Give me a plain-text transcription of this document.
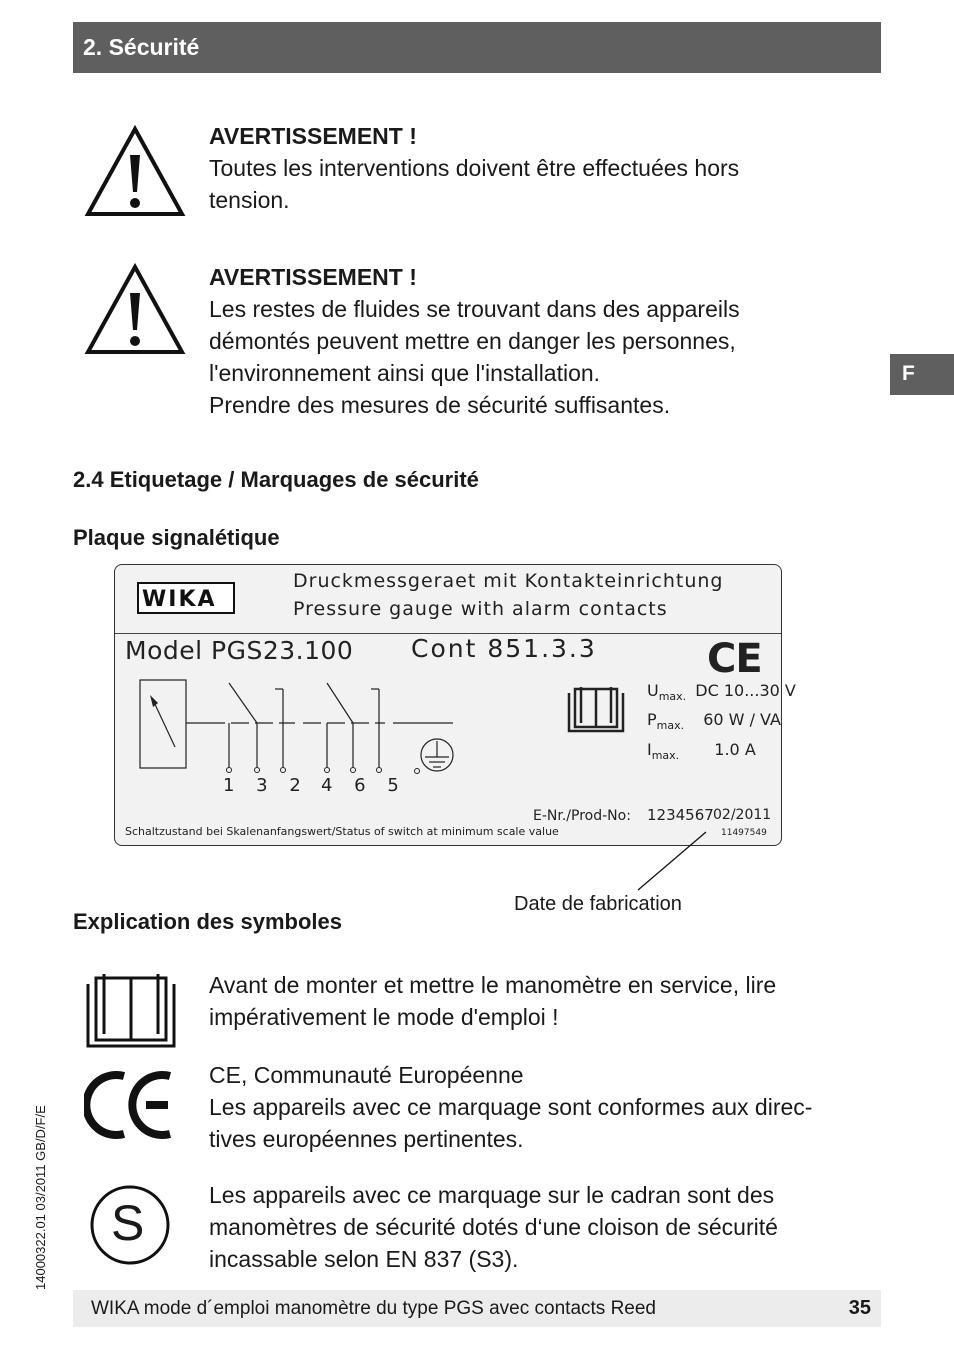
2. Sécurité
F
AVERTISSEMENT !
Toutes les interventions doivent être effectuées hors
tension.
AVERTISSEMENT !
Les restes de fluides se trouvant dans des appareils
démontés peuvent mettre en danger les personnes,
l'environnement ainsi que l'installation.
Prendre des mesures de sécurité suffisantes.
2.4 Etiquetage / Marquages de sécurité
Plaque signalétique
WIKA
Druckmessgeraet mit Kontakteinrichtung
Pressure gauge with alarm contacts
Model PGS23.100 Cont 851.3.3	CE
$U_{max.}$ DC 10...30 V
$P_{max.}$ 60 W / VA
$I_{max.}$ 1.0 A
1 3 2 4 6 5
E-Nr./Prod-No: 1234567 02/2011
Schaltzustand bei Skalenanfangswert/Status of switch at minimum scale value	11497549
Date de fabrication
Explication des symboles
Avant de monter et mettre le manomètre en service, lire
impérativement le mode d'emploi !
CE, Communauté Européenne
Les appareils avec ce marquage sont conformes aux direc-
tives européennes pertinentes.
S	Les appareils avec ce marquage sur le cadran sont des
manomètres de sécurité dotés d‘une cloison de sécurité
incassable selon EN 837 (S3).
14000322.01 03/2011 GB/D/F/E
WIKA mode d´emploi manomètre du type PGS avec contacts Reed	35
